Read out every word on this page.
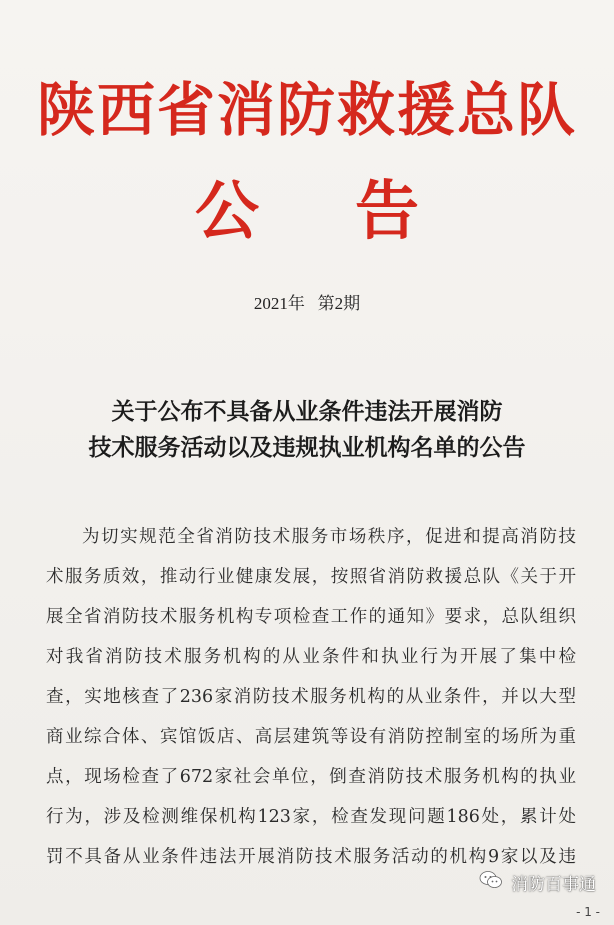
陕西省消防救援总队
公告
2021年   第2期
关于公布不具备从业条件违法开展消防
技术服务活动以及违规执业机构名单的公告
为切实规范全省消防技术服务市场秩序，促进和提高消防技
术服务质效，推动行业健康发展，按照省消防救援总队《关于开
展全省消防技术服务机构专项检查工作的通知》要求，总队组织
对我省消防技术服务机构的从业条件和执业行为开展了集中检
查，实地核查了236家消防技术服务机构的从业条件，并以大型
商业综合体、宾馆饭店、高层建筑等设有消防控制室的场所为重
点，现场检查了672家社会单位，倒查消防技术服务机构的执业
行为，涉及检测维保机构123家，检查发现问题186处，累计处
罚不具备从业条件违法开展消防技术服务活动的机构9家以及违
消防百事通
- 1 -
